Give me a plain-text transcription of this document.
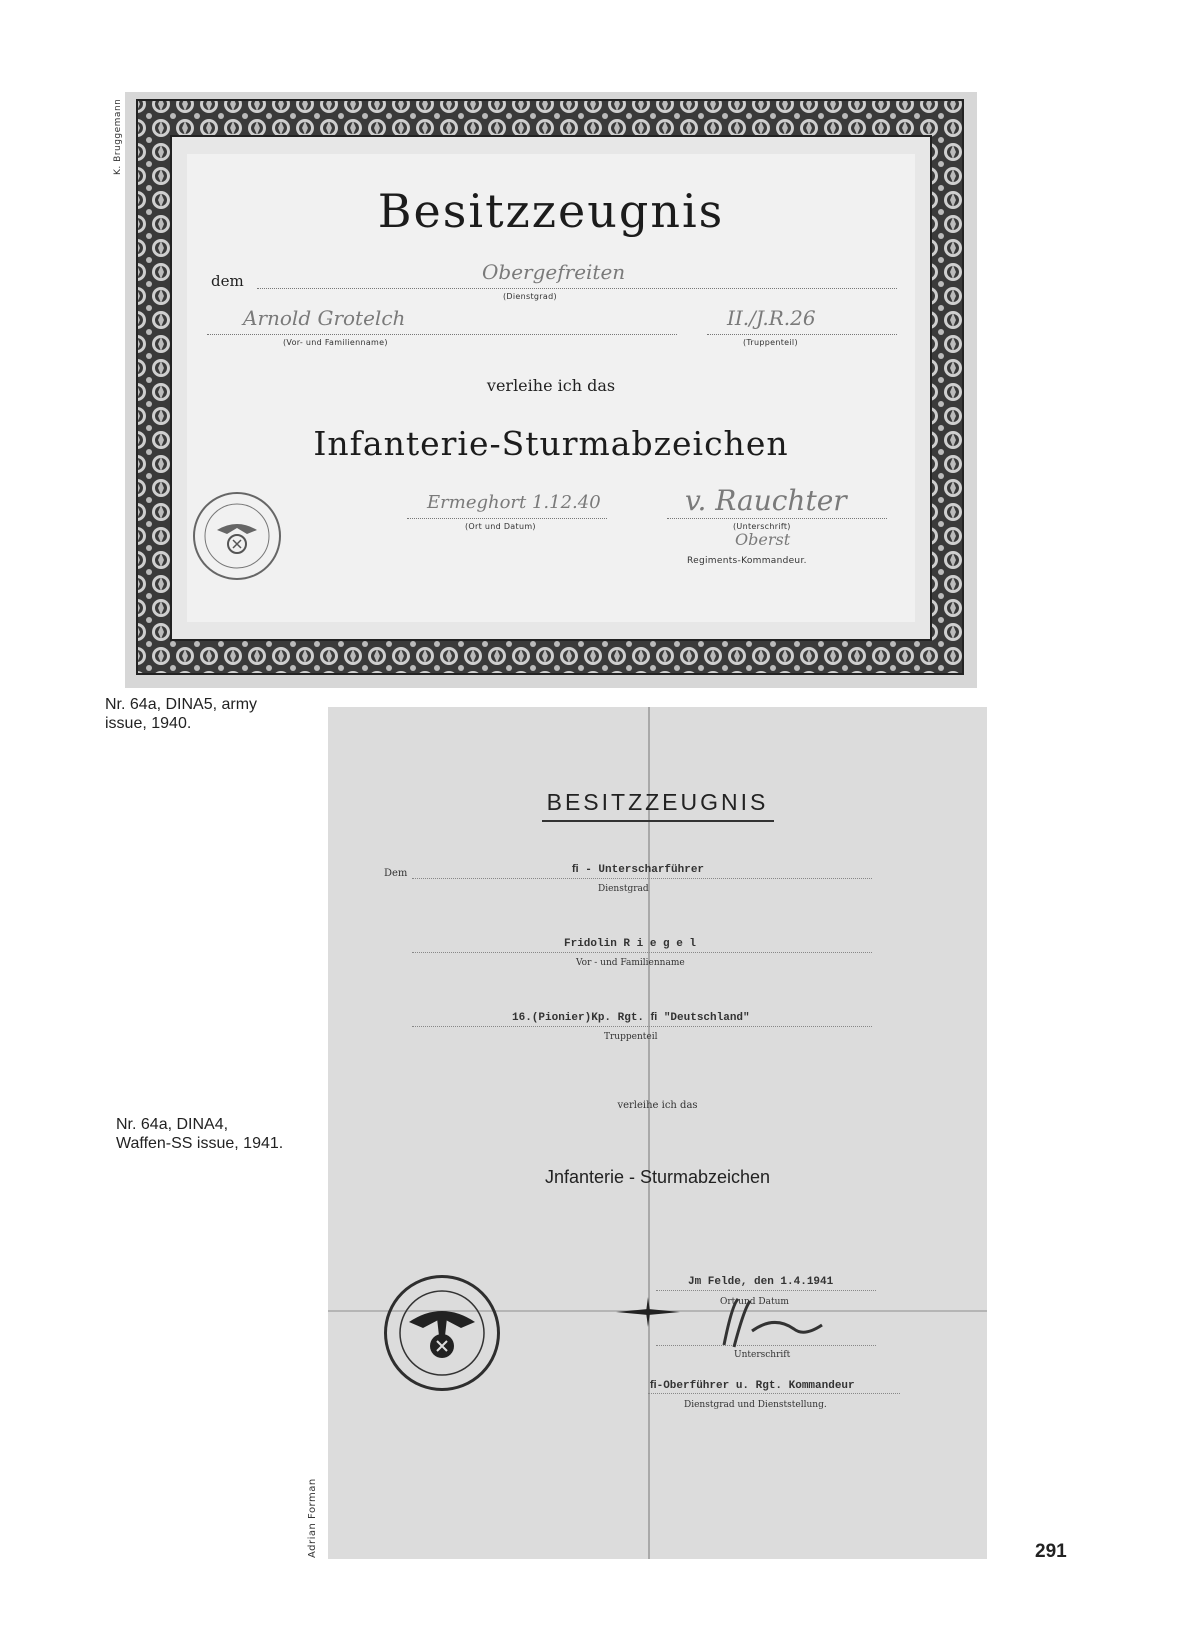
K. Bruggemann
Adrian Forman
Besitzzeugnis
dem	Obergefreiten
(Dienstgrad)
Arnold Grotelch
(Vor- und Familienname)
II./J.R.26
(Truppenteil)
verleihe ich das
Infanterie-Sturmabzeichen
Ermeghort 1.12.40
(Ort und Datum)
v. Rauchter
(Unterschrift)
Oberst
Regiments-Kommandeur.
Nr. 64a, DINA5, army
issue, 1940.
Nr. 64a, DINA4,
Waffen-SS issue, 1941.
BESITZZEUGNIS
Dem	ﬁ - Unterscharführer
Dienstgrad
Fridolin R i e g e l
Vor - und Familienname
16.(Pionier)Kp. Rgt. ﬁ "Deutschland"
Truppenteil
verleihe ich das
Jnfanterie - Sturmabzeichen
Jm Felde, den 1.4.1941
Ort und Datum
Unterschrift
ﬁ-Oberführer u. Rgt. Kommandeur
Dienstgrad und Dienststellung.
291
